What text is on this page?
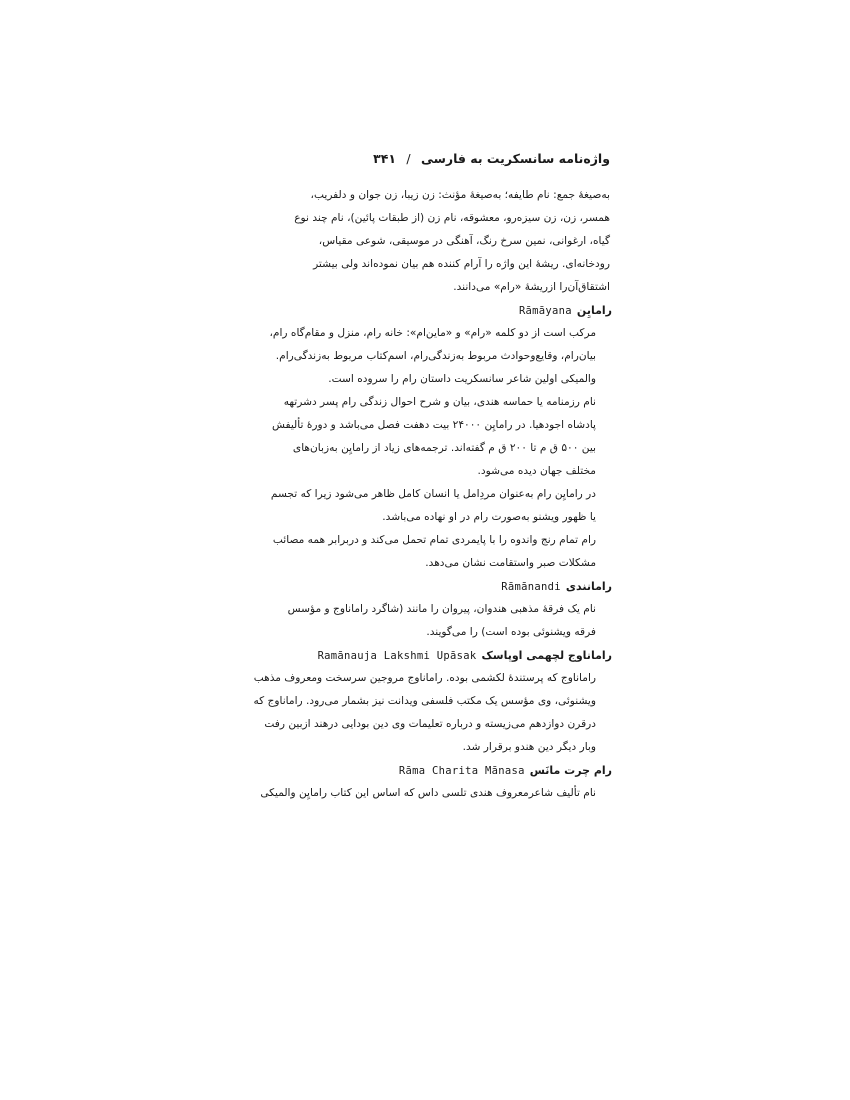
واژه‌نامه سانسکریت به فارسی / ۳۴۱

به‌صیغهٔ جمع: نام طایفه؛ به‌صیغهٔ مؤنث: زن زیبا، زن جوان و دلفریب،

همسر، زن، زن سیزه‌رو، معشوقه، نام زن (از طبقات پائین)، نام چند نوع

گیاه، ارغوانی، نمین سرخ رنگ، آهنگی در موسیقی، شوعی مقیاس،

رودخانه‌ای. ریشهٔ این واژه را آرام کننده هم بیان نموده‌اند ولی بیشتر

اشتقاق‌آن‌را ازریشهٔ «رام» می‌دانند.

رامایِن
Rāmāyana

مرکب است از دو کلمه «رام» و «ماین‌ام»: خانه رام، منزل و مقام‌گاه رام،

بیان‌رام، وقایع‌وحوادث مربوط به‌زندگی‌رام، اسم‌کتاب مربوط به‌زندگی‌رام.

والمیکی اولین شاعر سانسکریت داستان رام را سروده است.

نام رزمنامه یا حماسه هندی، بیان و شرح احوال زندگی رام پسر دشرتهه

پادشاه اجودهیا. در رامایِن ۲۴۰۰۰ بیت دهفت فصل می‌باشد و دورهٔ تألیفش

بین ۵۰۰ ق م تا ۲۰۰ ق م گفته‌اند. ترجمه‌های زیاد از رامایِن به‌زبان‌های

مختلف جهان دیده می‌شود.

در رامایِن رام به‌عنوان مردِ‌امل یا انسان کامل ظاهر می‌شود زیرا که تجسم

یا ظهور ویشنو به‌صورت رام در او نهاده می‌باشد.

رام تمام رنج واندوه را با پایمردی تمام تحمل می‌کند و دربرابر همه مصائب

مشکلات صبر واستقامت نشان می‌دهد.

رامانندی
Rāmānandi

نام یک فرقهٔ مذهبی هندوان، پیروان را مانند (شاگرد راماناوج و مؤسس

فرقه ویشنوئی بوده است) را می‌گویند.

راماناوج لچهمی اوپاسک
Ramānauja Lakshmi Upāsak

راماناوج که پرستندهٔ لکشمی بوده. راماناوج مروجین سرسخت ومعروف مذهب

ویشنوئی، وی مؤسس یک مکتب فلسفی ویدانت نیز بشمار می‌رود. راماناوج که

درقرن دوازدهم می‌زیسته و درباره تعلیمات وی دین بودایی درهند ازبین رفت

وبار دیگر دین هندو برقرار شد.

رام چرت مانَس
Rāma Charita Mānasa

نام تألیف شاعرمعروف هندی تلسی داس که اساس این کتاب رامایِن والمیکی
